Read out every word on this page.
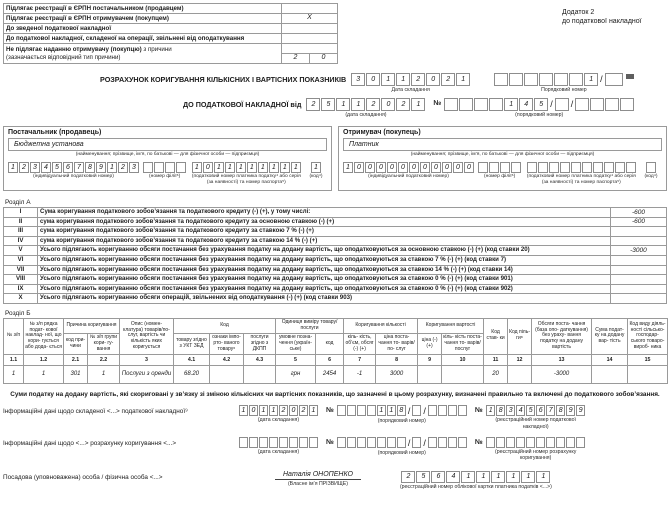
Підлягає реєстрації в ЄРПН постачальником (продавцем)		
Підлягає реєстрації в ЄРПН отримувачем (покупцем)	X	
До зведеної податкової накладної		
До податкової накладної, складеної на операції, звільнені від оподаткування		
Не підлягає наданню отримувачу (покупцю) з причини
(зазначається відповідний тип причини)		
	2	0
Додаток 2
до податкової накладної
РОЗРАХУНОК КОРИГУВАННЯ КІЛЬКІСНИХ І ВАРТІСНИХ ПОКАЗНИКІВ	3	0	1	1	2	0	2	1
Дата складання
1 /
Порядковий номер
ДО ПОДАТКОВОЇ НАКЛАДНОЇ від	2	5	1	1	2	0	2	1
(дата складання)
№	1	4	5 / /
(порядковий номер)
Постачальник (продавець)
Бюджетна установа
(найменування; прізвище, ім’я, по батькові — для фізичної особи — підприємця)
1	2	3	4	5	6	7	8	9	1	2	3
(індивідуальний податковий номер)	(номер філії⁶)
1	0	1	1	1	1	1	1	1	1
(податковий номер платника податку⁴ або серія (за наявності) та номер паспорта⁵)
1
(код⁴)
Отримувач (покупець)
Платник
(найменування; прізвище, ім’я, по батькові — для фізичної особи — підприємця)
1	0	0	0	0	0	0	0	0	0	0	0
(індивідуальний податковий номер)	(номер філії⁶)	(податковий номер платника податку⁴ або серія (за наявності) та номер паспорта⁵)
(код⁴)
Розділ А
I	Сума коригування податкового зобов’язання та податкового кредиту (-) (+), у тому числі:	-600
II	сума коригування податкового зобов’язання та податкового кредиту за основною ставкою (-) (+)	-600
III	сума коригування податкового зобов’язання та податкового кредиту за ставкою 7 % (-) (+)	
IV	сума коригування податкового зобов’язання та податкового кредиту за ставкою 14 % (-) (+)	
V	Усього підлягають коригуванню обсяги постачання без урахування податку на додану вартість, що оподатковуються за основною ставкою (-) (+) (код ставки 20)	-3000
VI	Усього підлягають коригуванню обсяги постачання без урахування податку на додану вартість, що оподатковуються за ставкою 7 % (-) (+) (код ставки 7)	
VII	Усього підлягають коригуванню обсяги постачання без урахування податку на додану вартість, що оподатковуються за ставкою 14 % (-) (+) (код ставки 14)	
VIII	Усього підлягають коригуванню обсяги постачання без урахування податку на додану вартість, що оподатковуються за ставкою 0 % (-) (+) (код ставки 901)	
IX	Усього підлягають коригуванню обсяги постачання без урахування податку на додану вартість, що оподатковуються за ставкою 0 % (-) (+) (код ставки 902)	
X	Усього підлягають коригуванню обсяги операцій, звільнених від оподаткування (-) (+) (код ставки 903)	
Розділ Б
№ з/п	№ з/п рядка подат- кової наклад- ної, що кори- гується або дода- ється	Причина коригування		Опис (номен- клатура) товарів/по-слуг, вартість чи кількість яких коригується	Код			Одиниця виміру товару/ послуги		Коригування кількості		Коригування вартості		Код став- ки	Код піль- ги⁸	Обсяги поста- чання (база опо- даткування) без ураху- вання податку на додану вартість	Сума подат- ку на додану вар- тість	Код виду діяль- ності сільсько- господар- ського товаро- вироб- ника
		код при- чини	№ з/п групи кори- гу- вання		товару згідно з УКТ ЗЕД	ознаки імпо- рто- ваного товару⁶	послуги згідно з ДКПП	умовне позна- чення (україн- ське)	код	кіль- кість, об’єм, обсяг (-) (+)	ціна поста- чання то- варів/ по- слуг	ціна (-) (+)	кіль- кість поста- чання то- варів/ послуг					
1.1	1.2	2.1	2.2	3	4.1	4.2	4.3	5	6	7	8	9	10	11	12	13	14	15
1	1	301	1	Послуги з оренди	68.20			грн	2454	-1	3000			20		-3000		
Суми податку на додану вартість, які скориговані у зв’язку зі зміною кількісних чи вартісних показників, що зазначені в цьому розрахунку, визначені правильно та включені до податкового зобов’язання.
Інформаційні дані щодо складеної <...> податкової накладної⁹	1 0 1 1 2 0 2 1
(дата складання)
№	1 1 8 / /
(порядковий номер)
№ 1 8 3 4 5 6 7 8 9 9
(реєстраційний номер податкової накладної)
Інформаційні дані щодо <...> розрахунку коригування <...>
(дата складання)
№	/ /
(порядковий номер)
№
(реєстраційний номер розрахунку коригування)
Посадова (уповноважена) особа / фізична особа <...>	Наталія ОНОПЕНКО
(Власне ім’я ПРІЗВИЩЕ)
2	5	6	4	1	1	1	1	1	1
(реєстраційний номер облікової картки платника податків <...>)
